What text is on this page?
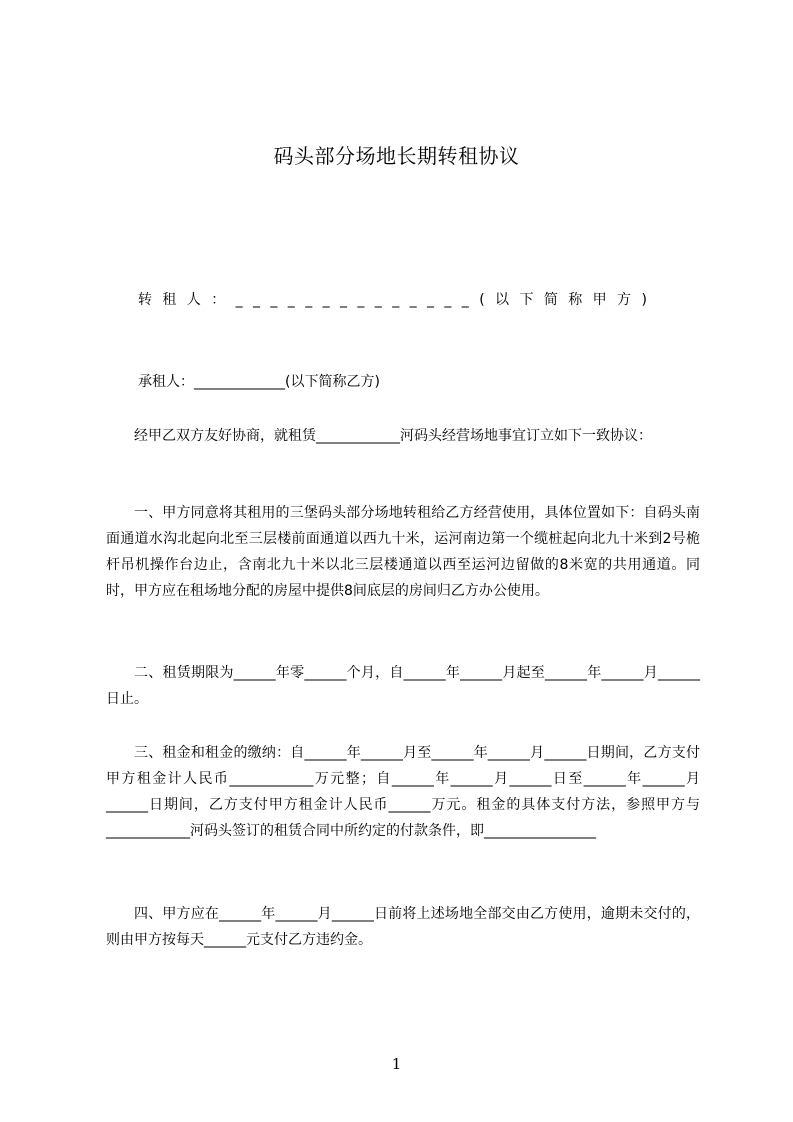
码头部分场地长期转租协议
转租人：______________(以下简称甲方)
承租人：_____________(以下简称乙方)

经甲乙双方友好协商，就租赁____________河码头经营场地事宜订立如下一致协议：

一、甲方同意将其租用的三堡码头部分场地转租给乙方经营使用，具体位置如下：自码头南面通道水沟北起向北至三层楼前面通道以西九十米，运河南边第一个缆桩起向北九十米到2号桅杆吊机操作台边止，含南北九十米以北三层楼通道以西至运河边留做的8米宽的共用通道。同时，甲方应在租场地分配的房屋中提供8间底层的房间归乙方办公使用。

二、租赁期限为______年零______个月，自______年______月起至______年______月______日止。

三、租金和租金的缴纳：自______年______月至______年______月______日期间，乙方支付甲方租金计人民币____________万元整；自______年______月______日至______年______月______日期间，乙方支付甲方租金计人民币______万元。租金的具体支付方法，参照甲方与____________河码头签订的租赁合同中所约定的付款条件，即________________

四、甲方应在______年______月______日前将上述场地全部交由乙方使用，逾期未交付的，则由甲方按每天______元支付乙方违约金。

1
